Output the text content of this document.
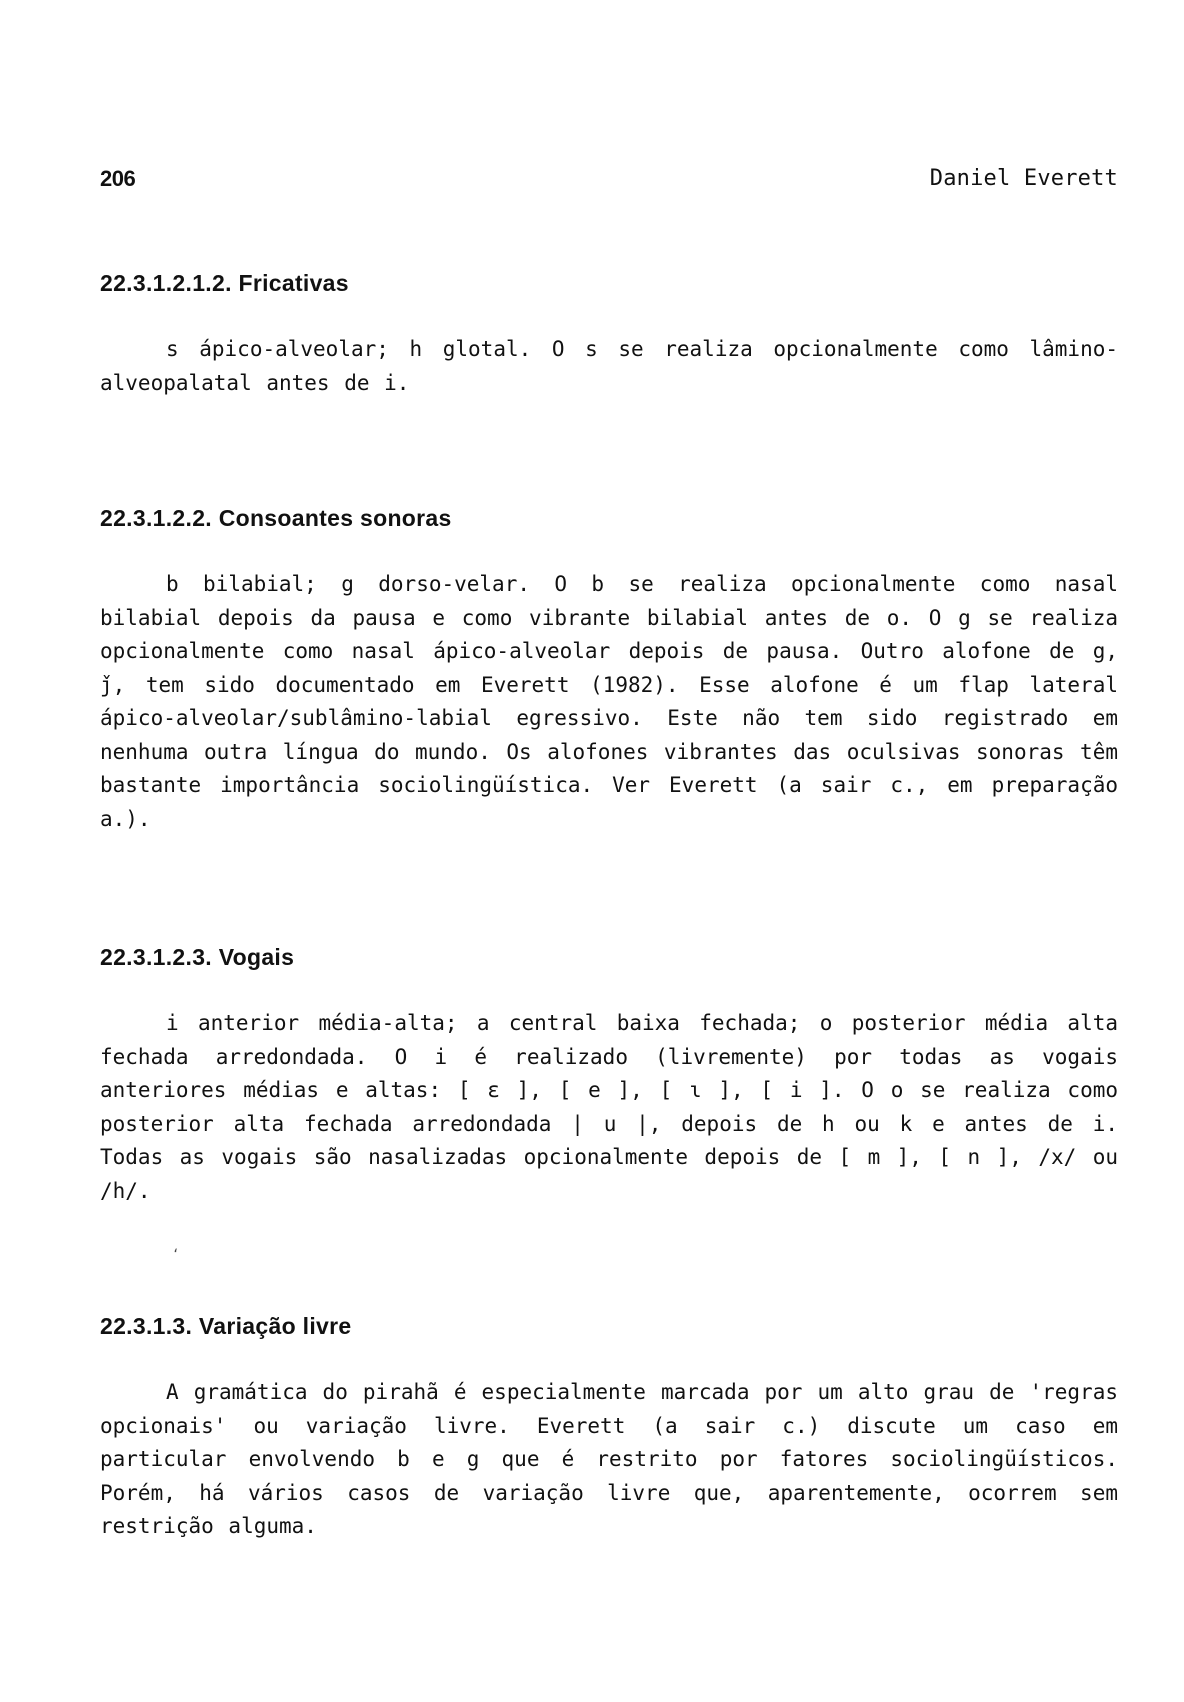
206	Daniel Everett
22.3.1.2.1.2. Fricativas

s ápico-alveolar; h glotal. O s se realiza opcionalmente como lâmino-alveopalatal antes de i.

22.3.1.2.2. Consoantes sonoras

b bilabial; g dorso-velar. O b se realiza opcionalmente como nasal bilabial depois da pausa e como vibrante bilabial antes de o. O g se realiza opcionalmente como nasal ápico-alveolar depois de pausa. Outro alofone de g, ǰ, tem sido documentado em Everett (1982). Esse alofone é um flap lateral ápico-alveolar/sublâmino-labial egressivo. Este não tem sido registrado em nenhuma outra língua do mundo. Os alofones vibrantes das oculsivas sonoras têm bastante importância sociolingüística. Ver Everett (a sair c., em preparação a.).

22.3.1.2.3. Vogais

i anterior média-alta; a central baixa fechada; o posterior média alta fechada arredondada. O i é realizado (livremente) por todas as vogais anteriores médias e altas: [ ɛ ], [ e ], [ ɩ ], [ i ]. O o se realiza como posterior alta fechada arredondada | u |, depois de h ou k e antes de i. Todas as vogais são nasalizadas opcionalmente depois de [ m ], [ n ], /x/ ou /h/.

‘
22.3.1.3. Variação livre

A gramática do pirahã é especialmente marcada por um alto grau de 'regras opcionais' ou variação livre. Everett (a sair c.) discute um caso em particular envolvendo b e g que é restrito por fatores sociolingüísticos. Porém, há vários casos de variação livre que, aparentemente, ocorrem sem restrição alguma.
